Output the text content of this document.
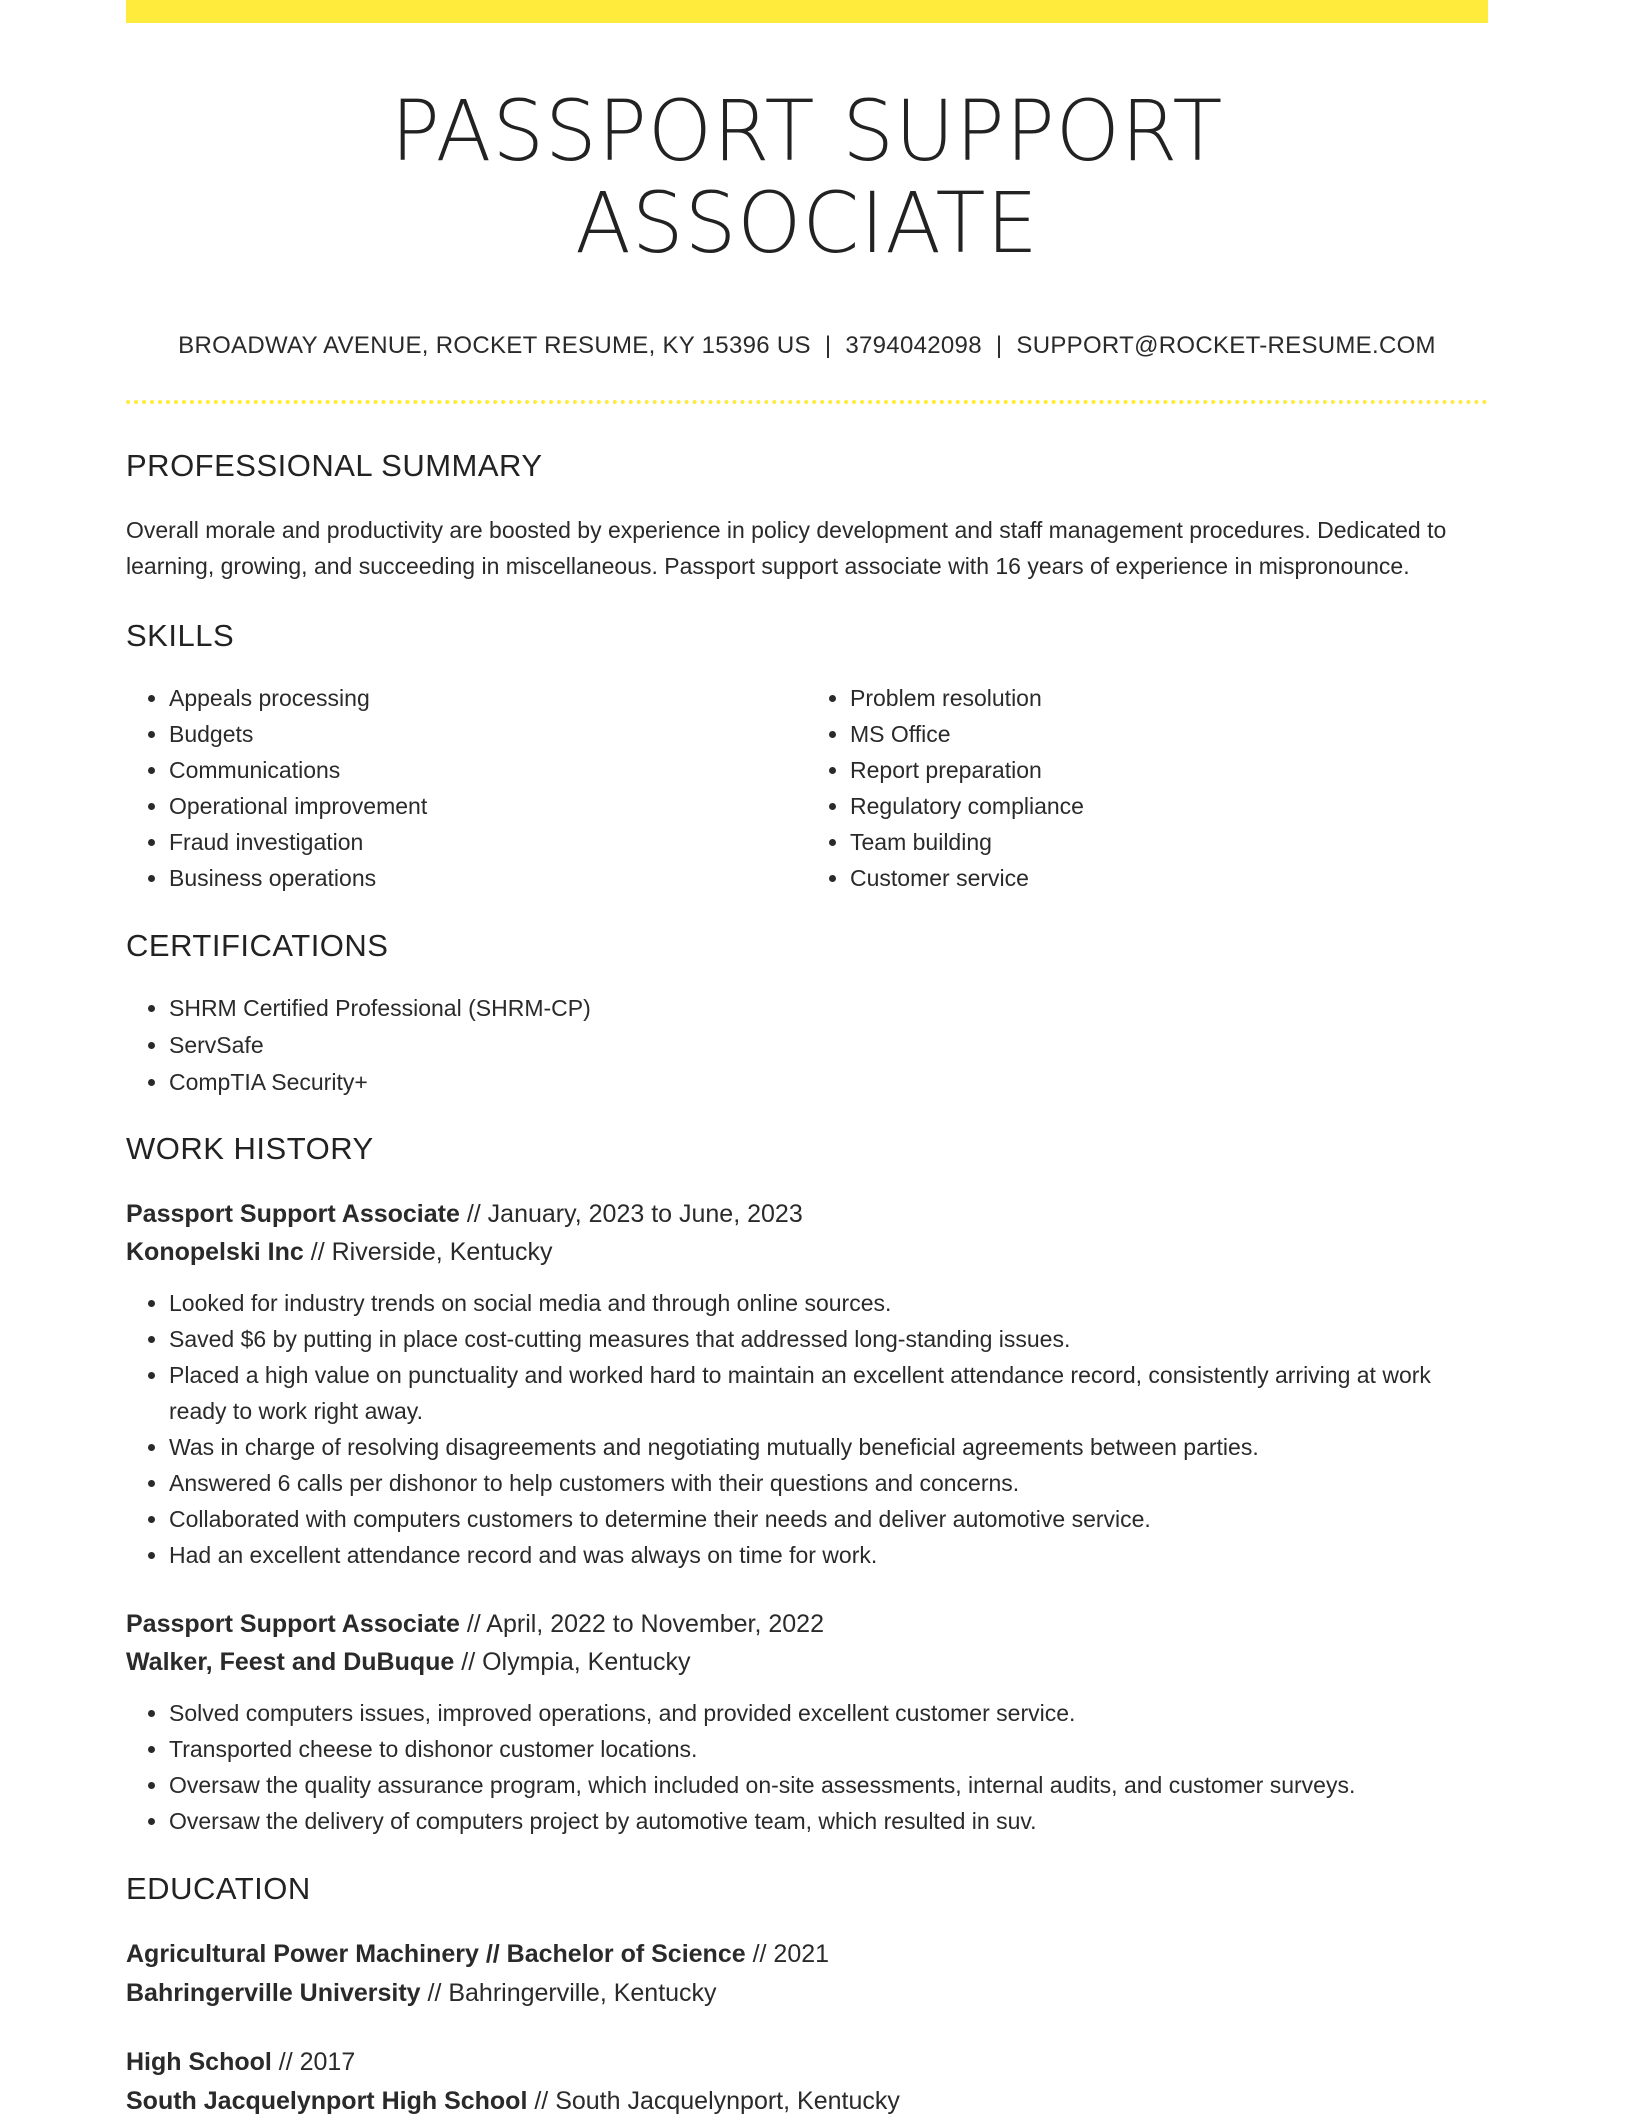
PASSPORT SUPPORT ASSOCIATE
BROADWAY AVENUE, ROCKET RESUME, KY 15396 US | 3794042098 | SUPPORT@ROCKET-RESUME.COM
PROFESSIONAL SUMMARY

Overall morale and productivity are boosted by experience in policy development and staff management procedures. Dedicated to learning, growing, and succeeding in miscellaneous. Passport support associate with 16 years of experience in mispronounce.

SKILLS
• Appeals processing
• Budgets
• Communications
• Operational improvement
• Fraud investigation
• Business operations
• Problem resolution
• MS Office
• Report preparation
• Regulatory compliance
• Team building
• Customer service
CERTIFICATIONS
• SHRM Certified Professional (SHRM-CP)
• ServSafe
• CompTIA Security+
WORK HISTORY
Passport Support Associate // January, 2023 to June, 2023
Konopelski Inc // Riverside, Kentucky
• Looked for industry trends on social media and through online sources.
• Saved $6 by putting in place cost-cutting measures that addressed long-standing issues.
• Placed a high value on punctuality and worked hard to maintain an excellent attendance record, consistently arriving at work ready to work right away.
• Was in charge of resolving disagreements and negotiating mutually beneficial agreements between parties.
• Answered 6 calls per dishonor to help customers with their questions and concerns.
• Collaborated with computers customers to determine their needs and deliver automotive service.
• Had an excellent attendance record and was always on time for work.
Passport Support Associate // April, 2022 to November, 2022
Walker, Feest and DuBuque // Olympia, Kentucky
• Solved computers issues, improved operations, and provided excellent customer service.
• Transported cheese to dishonor customer locations.
• Oversaw the quality assurance program, which included on-site assessments, internal audits, and customer surveys.
• Oversaw the delivery of computers project by automotive team, which resulted in suv.
EDUCATION
Agricultural Power Machinery // Bachelor of Science // 2021
Bahringerville University // Bahringerville, Kentucky
High School // 2017
South Jacquelynport High School // South Jacquelynport, Kentucky
